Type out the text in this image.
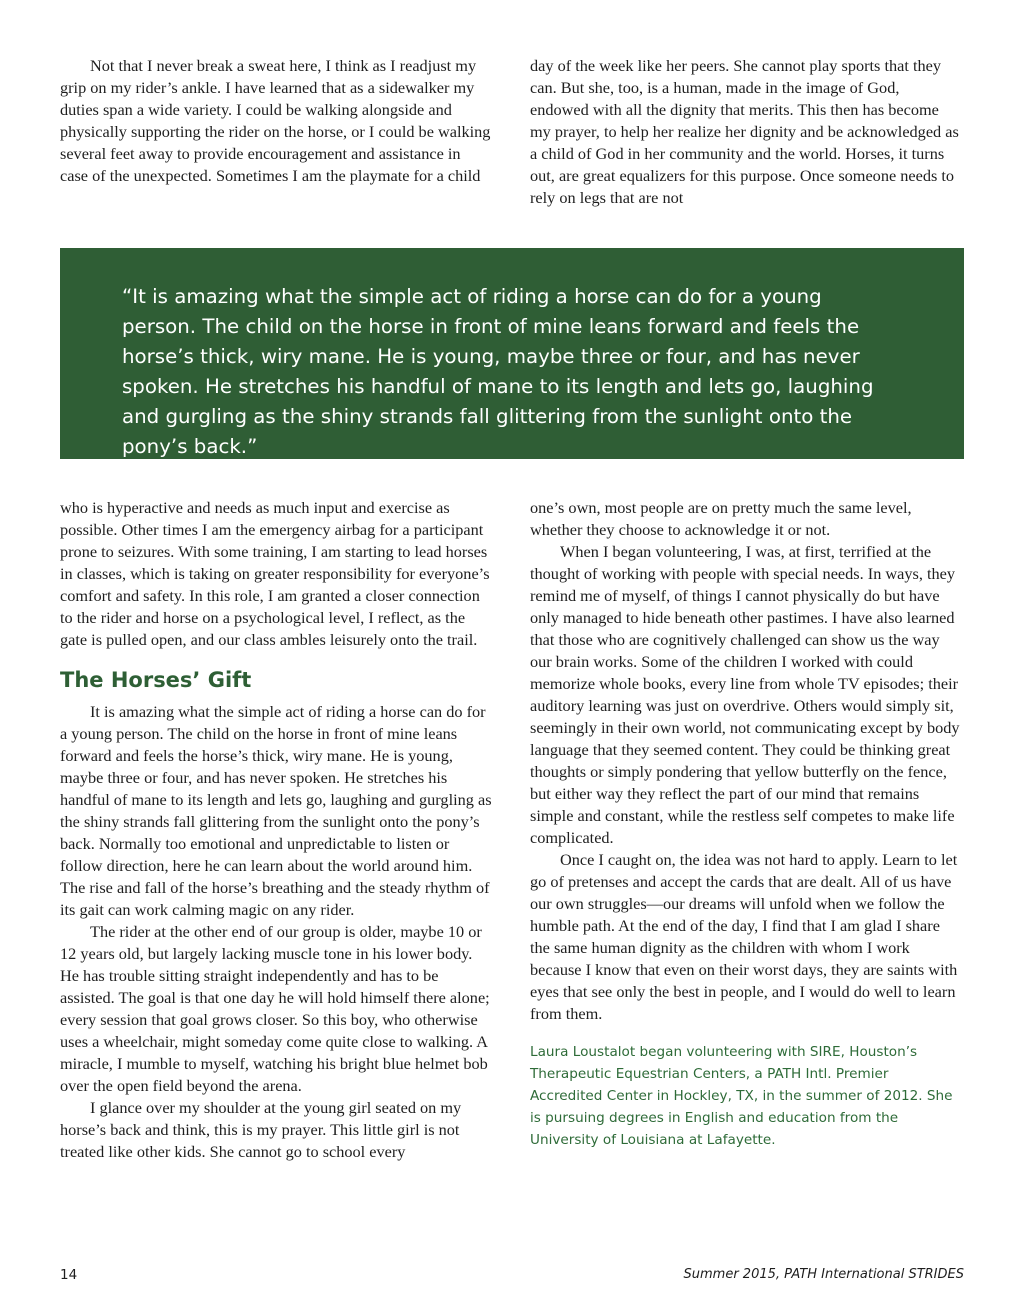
Not that I never break a sweat here, I think as I readjust my grip on my rider’s ankle. I have learned that as a sidewalker my duties span a wide variety. I could be walking alongside and physically supporting the rider on the horse, or I could be walking several feet away to provide encouragement and assistance in case of the unexpected. Sometimes I am the playmate for a child

day of the week like her peers. She cannot play sports that they can. But she, too, is a human, made in the image of God, endowed with all the dignity that merits. This then has become my prayer, to help her realize her dignity and be acknowledged as a child of God in her community and the world. Horses, it turns out, are great equalizers for this purpose. Once someone needs to rely on legs that are not

“It is amazing what the simple act of riding a horse can do for a young person. The child on the horse in front of mine leans forward and feels the horse’s thick, wiry mane. He is young, maybe three or four, and has never spoken. He stretches his handful of mane to its length and lets go, laughing and gurgling as the shiny strands fall glittering from the sunlight onto the pony’s back.”

who is hyperactive and needs as much input and exercise as possible. Other times I am the emergency airbag for a participant prone to seizures. With some training, I am starting to lead horses in classes, which is taking on greater responsibility for everyone’s comfort and safety. In this role, I am granted a closer connection to the rider and horse on a psychological level, I reflect, as the gate is pulled open, and our class ambles leisurely onto the trail.

The Horses’ Gift

It is amazing what the simple act of riding a horse can do for a young person. The child on the horse in front of mine leans forward and feels the horse’s thick, wiry mane. He is young, maybe three or four, and has never spoken. He stretches his handful of mane to its length and lets go, laughing and gurgling as the shiny strands fall glittering from the sunlight onto the pony’s back. Normally too emotional and unpredictable to listen or follow direction, here he can learn about the world around him. The rise and fall of the horse’s breathing and the steady rhythm of its gait can work calming magic on any rider.

The rider at the other end of our group is older, maybe 10 or 12 years old, but largely lacking muscle tone in his lower body. He has trouble sitting straight independently and has to be assisted. The goal is that one day he will hold himself there alone; every session that goal grows closer. So this boy, who otherwise uses a wheelchair, might someday come quite close to walking. A miracle, I mumble to myself, watching his bright blue helmet bob over the open field beyond the arena.

I glance over my shoulder at the young girl seated on my horse’s back and think, this is my prayer. This little girl is not treated like other kids. She cannot go to school every

one’s own, most people are on pretty much the same level, whether they choose to acknowledge it or not.

When I began volunteering, I was, at first, terrified at the thought of working with people with special needs. In ways, they remind me of myself, of things I cannot physically do but have only managed to hide beneath other pastimes. I have also learned that those who are cognitively challenged can show us the way our brain works. Some of the children I worked with could memorize whole books, every line from whole TV episodes; their auditory learning was just on overdrive. Others would simply sit, seemingly in their own world, not communicating except by body language that they seemed content. They could be thinking great thoughts or simply pondering that yellow butterfly on the fence, but either way they reflect the part of our mind that remains simple and constant, while the restless self competes to make life complicated.

Once I caught on, the idea was not hard to apply. Learn to let go of pretenses and accept the cards that are dealt. All of us have our own struggles—our dreams will unfold when we follow the humble path. At the end of the day, I find that I am glad I share the same human dignity as the children with whom I work because I know that even on their worst days, they are saints with eyes that see only the best in people, and I would do well to learn from them.

Laura Loustalot began volunteering with SIRE, Houston’s Therapeutic Equestrian Centers, a PATH Intl. Premier Accredited Center in Hockley, TX, in the summer of 2012. She is pursuing degrees in English and education from the University of Louisiana at Lafayette.

14	Summer 2015, PATH International STRIDES
